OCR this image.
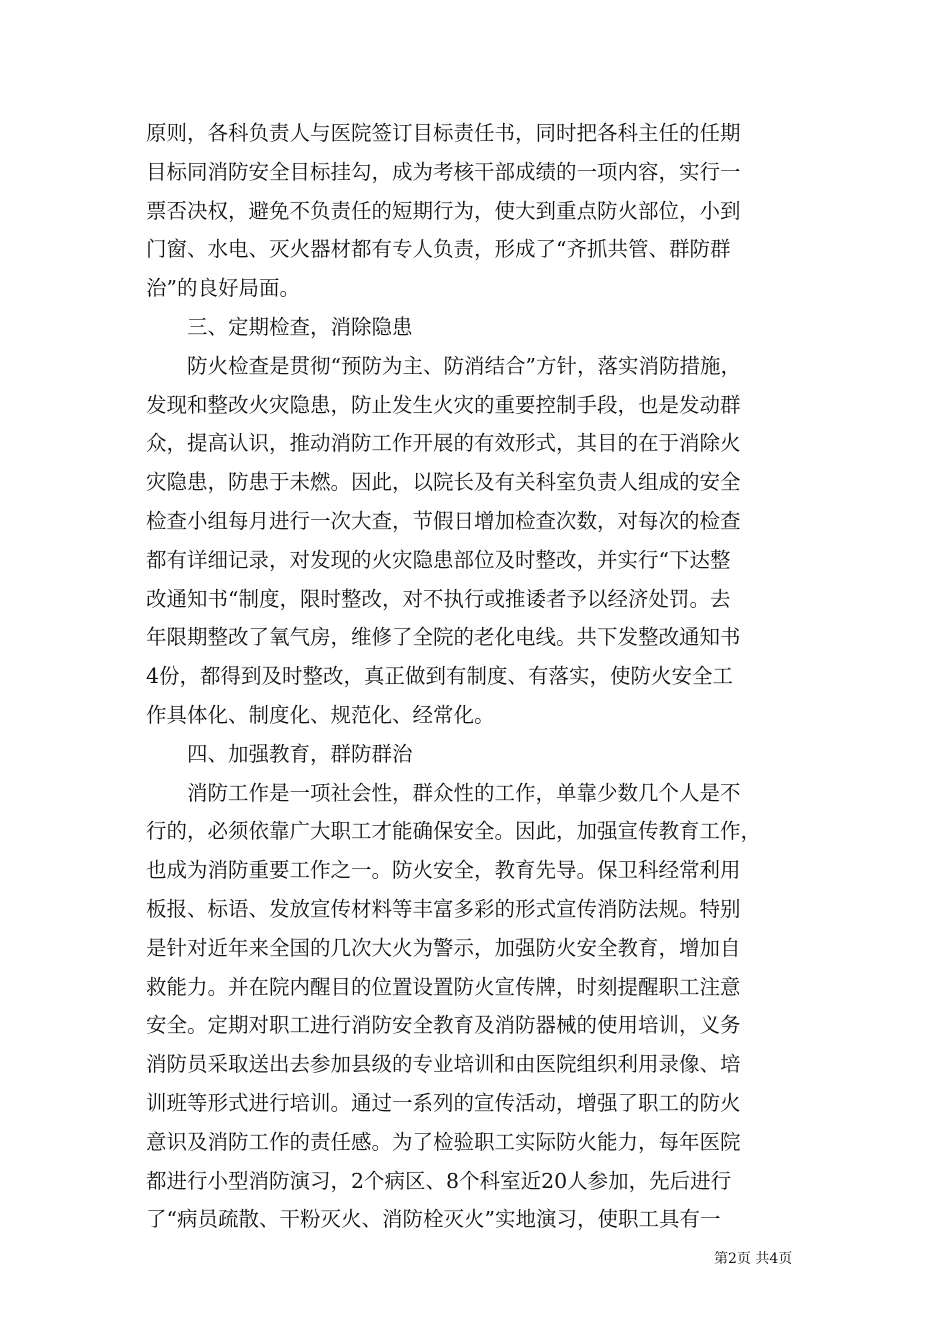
原则，各科负责人与医院签订目标责任书，同时把各科主任的任期
目标同消防安全目标挂勾，成为考核干部成绩的一项内容，实行一
票否决权，避免不负责任的短期行为，使大到重点防火部位，小到
门窗、水电、灭火器材都有专人负责，形成了“齐抓共管、群防群
治”的良好局面。
三、定期检查，消除隐患
防火检查是贯彻“预防为主、防消结合”方针，落实消防措施，
发现和整改火灾隐患，防止发生火灾的重要控制手段，也是发动群
众，提高认识，推动消防工作开展的有效形式，其目的在于消除火
灾隐患，防患于未燃。因此，以院长及有关科室负责人组成的安全
检查小组每月进行一次大查，节假日增加检查次数，对每次的检查
都有详细记录，对发现的火灾隐患部位及时整改，并实行“下达整
改通知书“制度，限时整改，对不执行或推诿者予以经济处罚。去
年限期整改了氧气房，维修了全院的老化电线。共下发整改通知书
4份，都得到及时整改，真正做到有制度、有落实，使防火安全工
作具体化、制度化、规范化、经常化。
四、加强教育，群防群治
消防工作是一项社会性，群众性的工作，单靠少数几个人是不
行的，必须依靠广大职工才能确保安全。因此，加强宣传教育工作，
也成为消防重要工作之一。防火安全，教育先导。保卫科经常利用
板报、标语、发放宣传材料等丰富多彩的形式宣传消防法规。特别
是针对近年来全国的几次大火为警示，加强防火安全教育，增加自
救能力。并在院内醒目的位置设置防火宣传牌，时刻提醒职工注意
安全。定期对职工进行消防安全教育及消防器械的使用培训，义务
消防员采取送出去参加县级的专业培训和由医院组织利用录像、培
训班等形式进行培训。通过一系列的宣传活动，增强了职工的防火
意识及消防工作的责任感。为了检验职工实际防火能力，每年医院
都进行小型消防演习，2个病区、8个科室近20人参加，先后进行
了“病员疏散、干粉灭火、消防栓灭火”实地演习，使职工具有一
第2页 共4页
